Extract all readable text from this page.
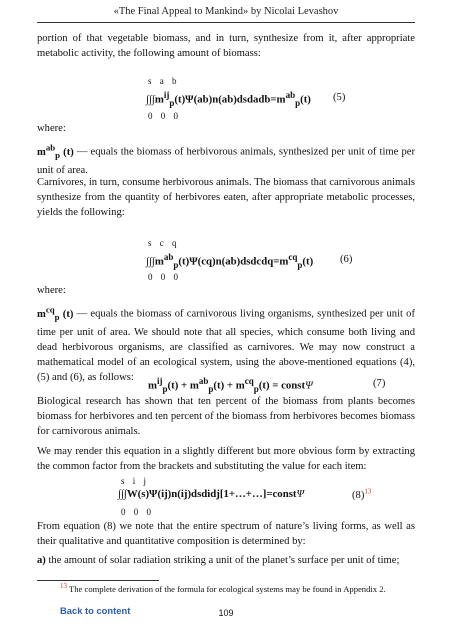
«The Final Appeal to Mankind» by Nicolai Levashov
portion of that vegetable biomass, and in turn, synthesize from it, after appropriate metabolic activity, the following amount of biomass:
s a b
$\int\int\int m^{ij}_p(t)\Psi(ab)n(ab)dsdadb=m^{ab}_p(t)$ (5)
0 0 0
where:
$m^{ab}_p$ (t) — equals the biomass of herbivorous animals, synthesized per unit of time per unit of area.
Carnivores, in turn, consume herbivorous animals. The biomass that carnivorous animals synthesize from the quantity of herbivores eaten, after appropriate metabolic processes, yields the following:
s c q
$\int\int\int m^{ab}_p(t)\Psi(cq)n(ab)dsdcdq=m^{cq}_p(t)$	(6)
0 0 0
where:
$m^{cq}_p$ (t) — equals the biomass of carnivorous living organisms, synthesized per unit of time per unit of area. We should note that all species, which consume both living and dead herbivorous organisms, are classified as carnivores. We may now construct a mathematical model of an ecological system, using the above-mentioned equations (4), (5) and (6), as follows:
$m^{ij}_p(t) + m^{ab}_p(t) + m^{cq}_p(t)$ = constΨ	(7)
Biological research has shown that ten percent of the biomass from plants becomes biomass for herbivores and ten percent of the biomass from herbivores becomes biomass for carnivorous animals.
We may render this equation in a slightly different but more obvious form by extracting the common factor from the brackets and substituting the value for each item:
s i j
∫∫∫W(s)Ψ(ij)n(ij)dsdidj[1+…+…]=constΨ	$(8)^{13}$
0 0 0
From equation (8) we note that the entire spectrum of nature’s living forms, as well as their qualitative and quantitative composition is determined by:
a) the amount of solar radiation striking a unit of the planet’s surface per unit of time;
$^{13}$ The complete derivation of the formula for ecological systems may be found in Appendix 2.
Back to content	109
